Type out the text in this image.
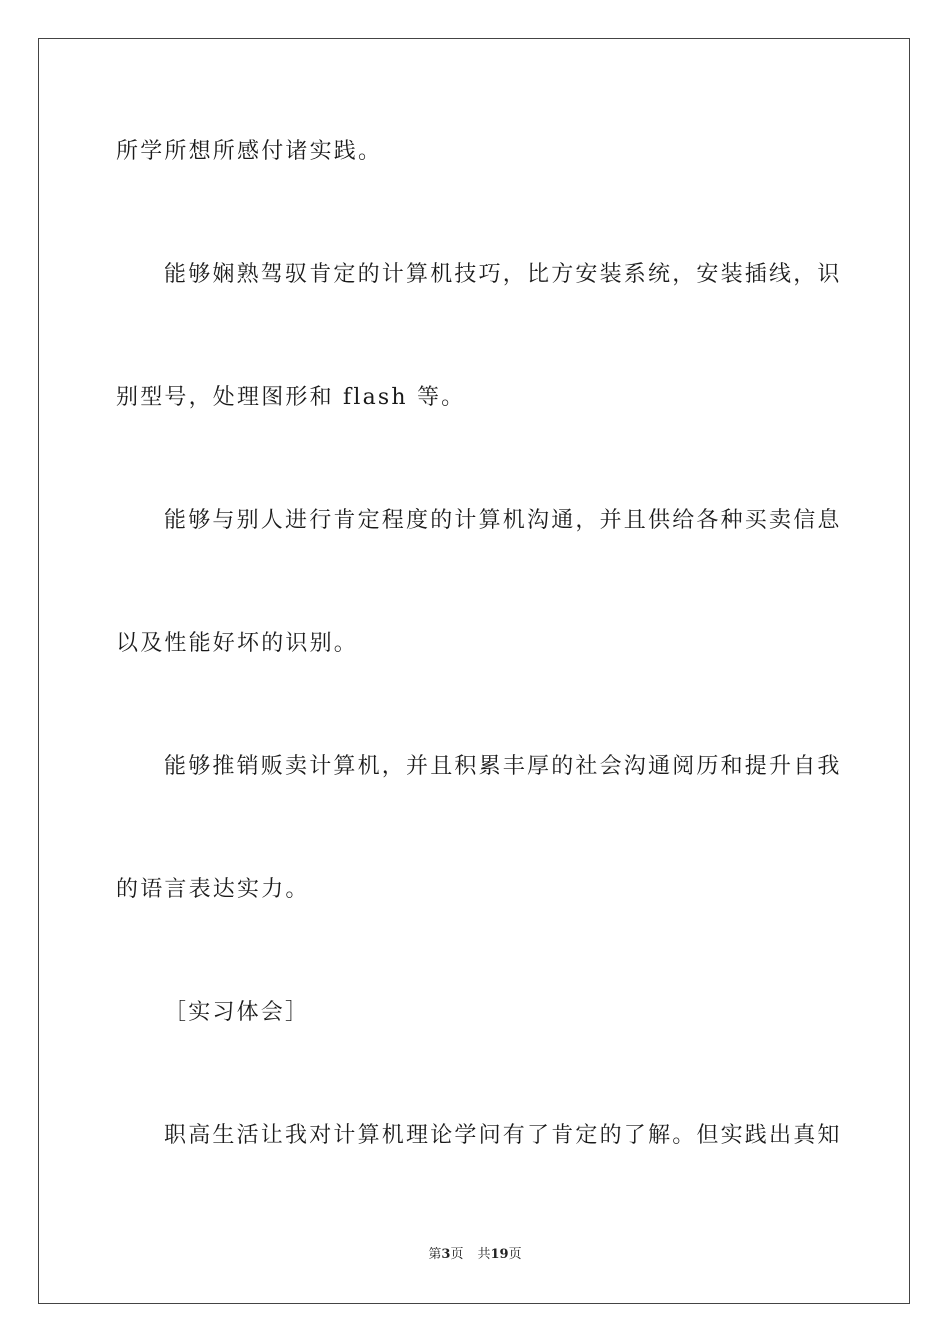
所学所想所感付诸实践。
能够娴熟驾驭肯定的计算机技巧，比方安装系统，安装插线，识
别型号，处理图形和 flash 等。
能够与别人进行肯定程度的计算机沟通，并且供给各种买卖信息
以及性能好坏的识别。
能够推销贩卖计算机，并且积累丰厚的社会沟通阅历和提升自我
的语言表达实力。
［实习体会］
职高生活让我对计算机理论学问有了肯定的了解。但实践出真知
第3页 共19页
